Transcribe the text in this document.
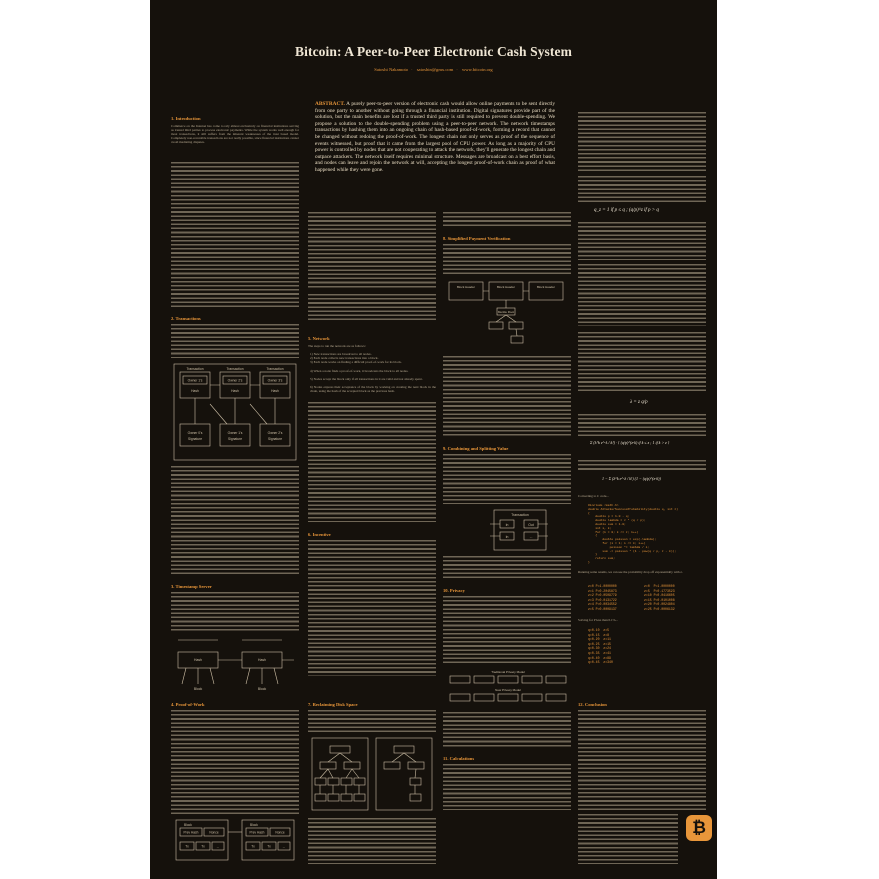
Bitcoin: A Peer-to-Peer Electronic Cash System
Satoshi Nakamoto · satoshin@gmx.com · www.bitcoin.org
ABSTRACT. A purely peer-to-peer version of electronic cash would allow online payments to be sent directly from one party to another without going through a financial institution. Digital signatures provide part of the solution, but the main benefits are lost if a trusted third party is still required to prevent double-spending. We propose a solution to the double-spending problem using a peer-to-peer network. The network timestamps transactions by hashing them into an ongoing chain of hash-based proof-of-work, forming a record that cannot be changed without redoing the proof-of-work. The longest chain not only serves as proof of the sequence of events witnessed, but proof that it came from the largest pool of CPU power. As long as a majority of CPU power is controlled by nodes that are not cooperating to attack the network, they'll generate the longest chain and outpace attackers. The network itself requires minimal structure. Messages are broadcast on a best effort basis, and nodes can leave and rejoin the network at will, accepting the longest proof-of-work chain as proof of what happened while they were gone.
1. Introduction
Commerce on the Internet has come to rely almost exclusively on financial institutions serving as trusted third parties to process electronic payments. While the system works well enough for most transactions, it still suffers from the inherent weaknesses of the trust based model. Completely non-reversible transactions are not really possible, since financial institutions cannot avoid mediating disputes.
2. Transactions
Transaction	Transaction	Transaction
Owner 1's	Owner 2's	Owner 3's
Hash	Hash	Hash
Owner 0's	Owner 1's	Owner 2's
Signature	Signature	Signature
3. Timestamp Server
Hash	Hash
Block	Block
4. Proof-of-Work
Block	Block
Prev Hash	Nonce	Prev Hash	Nonce
Tx	Tx	...	Tx	Tx	...
5. Network
The steps to run the network are as follows:
1) New transactions are broadcast to all nodes.
2) Each node collects new transactions into a block.
3) Each node works on finding a difficult proof-of-work for its block.
4) When a node finds a proof-of-work, it broadcasts the block to all nodes.
5) Nodes accept the block only if all transactions in it are valid and not already spent.
6) Nodes express their acceptance of the block by working on creating the next block in the chain, using the hash of the accepted block as the previous hash.
6. Incentive
7. Reclaiming Disk Space
8. Simplified Payment Verification
Block Header	Block Header	Block Header
Merkle Root
9. Combining and Splitting Value
Transaction
In
In
Out
...
10. Privacy
Traditional Privacy Model
New Privacy Model
11. Calculations
q_z = 1 if p ≤ q ; (q/p)^z if p > q
λ = z q/p
Σ (λ^k e^-λ / k!) · { (q/p)^(z-k) if k ≤ z ; 1 if k > z }
1 − Σ (λ^k e^-λ / k!) (1 − (q/p)^(z-k))
Converting to C code...
#include <math.h>
double AttackerSuccessProbability(double q, int z)
{
double p = 1.0 - q;
double lambda = z * (q / p);
double sum = 1.0;
int i, k;
for (k = 0; k <= z; k++)
{
double poisson = exp(-lambda);
for (i = 1; i <= k; i++)
poisson *= lambda / i;
sum -= poisson * (1 - pow(q / p, z - k));
}
return sum;
}
Running some results, we can see the probability drop off exponentially with z.
z=0 P=1.0000000
z=1 P=0.2045873
z=2 P=0.0509779
z=3 P=0.0131722
z=4 P=0.0034552
z=5 P=0.0009137
z=0  P=1.0000000
z=5  P=0.1773523
z=10 P=0.0416605
z=15 P=0.0101008
z=20 P=0.0024804
z=25 P=0.0006132
Solving for P less than 0.1%...
q=0.10  z=5
q=0.15  z=8
q=0.20  z=11
q=0.25  z=15
q=0.30  z=24
q=0.35  z=41
q=0.40  z=89
q=0.45  z=340
12. Conclusion
₿
